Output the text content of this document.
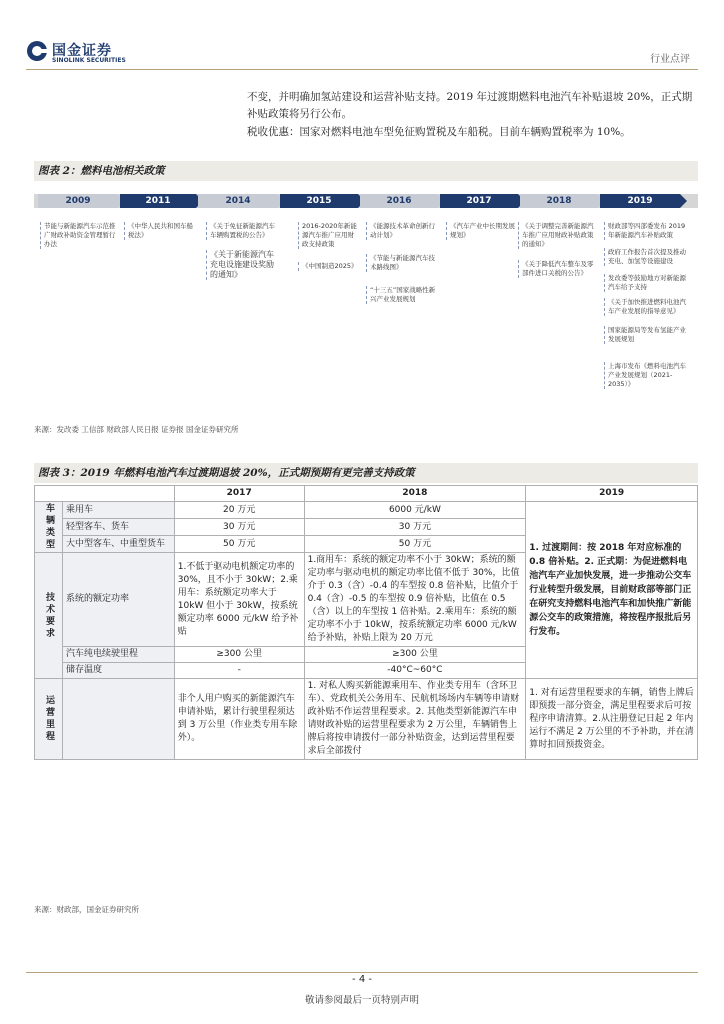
国金证券
SINOLINK SECURITIES	行业点评
不变，并明确加氢站建设和运营补贴支持。2019 年过渡期燃料电池汽车补贴退坡 20%，正式期补贴政策将另行公布。
税收优惠：国家对燃料电池车型免征购置税及车船税。目前车辆购置税率为 10%。
图表 2：燃料电池相关政策
2009	2011	2014	2015	2016	2017	2018	2019
节能与新能源汽车示范推广财政补助资金管理暂行办法
《中华人民共和国车船税法》
《关于免征新能源汽车车辆购置税的公告》
《关于新能源汽车充电设施建设奖励的通知》
2016-2020年新能源汽车推广应用财政支持政策
《中国制造2025》
《能源技术革命创新行动计划》
《节能与新能源汽车技术路线图》
“十三五”国家战略性新兴产业发展规划
《汽车产业中长期发展规划》
《关于调整完善新能源汽车推广应用财政补贴政策的通知》
《关于降低汽车整车及零部件进口关税的公告》
财政部等四部委发布 2019 年新能源汽车补贴政策
政府工作报告首次提及推动充电、加氢等设施建设
发改委等鼓励地方对新能源汽车给予支持
《关于加快推进燃料电池汽车产业发展的指导意见》
国家能源局等发布氢能产业发展规划
上海市发布《燃料电池汽车产业发展规划（2021-2035）》
来源：发改委 工信部 财政部人民日报 证券报 国金证券研究所
图表 3：2019 年燃料电池汽车过渡期退坡 20%，正式期预期有更完善支持政策
		2017	2018	2019
车辆类型	乘用车	20 万元	6000 元/kW	1. 过渡期间：按 2018 年对应标准的 0.8 倍补贴。2. 正式期：为促进燃料电池汽车产业加快发展，进一步推动公交车行业转型升级发展，目前财政部等部门正在研究支持燃料电池汽车和加快推广新能源公交车的政策措施，将按程序报批后另行发布。
	轻型客车、货车	30 万元	30 万元	
	大中型客车、中重型货车	50 万元	50 万元	
技术要求	系统的额定功率	1.不低于驱动电机额定功率的 30%，且不小于 30kW；2.乘用车：系统额定功率大于 10kW 但小于 30kW，按系统额定功率 6000 元/kW 给予补贴	1.商用车：系统的额定功率不小于 30kW；系统的额定功率与驱动电机的额定功率比值不低于 30%，比值介于 0.3（含）-0.4 的车型按 0.8 倍补贴，比值介于 0.4（含）-0.5 的车型按 0.9 倍补贴，比值在 0.5（含）以上的车型按 1 倍补贴。2.乘用车：系统的额定功率不小于 10kW，按系统额定功率 6000 元/kW 给予补贴，补贴上限为 20 万元	
	汽车纯电续驶里程	≥300 公里	≥300 公里	
	储存温度	-	-40°C~60°C	
运营里程		非个人用户购买的新能源汽车申请补贴，累计行驶里程须达到 3 万公里（作业类专用车除外）。	1. 对私人购买新能源乘用车、作业类专用车（含环卫车）、党政机关公务用车、民航机场场内车辆等申请财政补贴不作运营里程要求。2. 其他类型新能源汽车申请财政补贴的运营里程要求为 2 万公里，车辆销售上牌后将按申请拨付一部分补贴资金，达到运营里程要求后全部拨付	1. 对有运营里程要求的车辆，销售上牌后即预拨一部分资金，满足里程要求后可按程序申请清算。2.从注册登记日起 2 年内运行不满足 2 万公里的不予补助，并在清算时扣回预拨资金。
来源：财政部，国金证券研究所
- 4 -
敬请参阅最后一页特别声明
